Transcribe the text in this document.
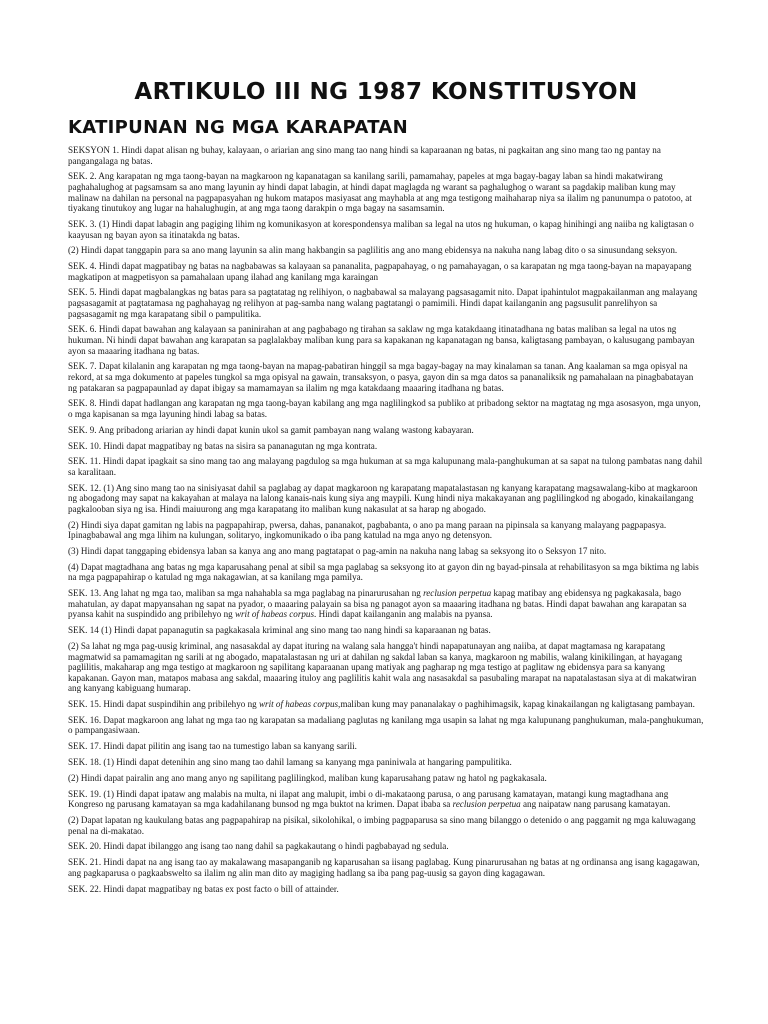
ARTIKULO III NG 1987 KONSTITUSYON
KATIPUNAN NG MGA KARAPATAN

SEKSYON 1. Hindi dapat alisan ng buhay, kalayaan, o ariarian ang sino mang tao nang hindi sa kaparaanan ng batas, ni pagkaitan ang sino mang tao ng pantay na pangangalaga ng batas.

SEK. 2. Ang karapatan ng mga taong-bayan na magkaroon ng kapanatagan sa kanilang sarili, pamamahay, papeles at mga bagay-bagay laban sa hindi makatwirang paghahalughog at pagsamsam sa ano mang layunin ay hindi dapat labagin, at hindi dapat maglagda ng warant sa paghalughog o warant sa pagdakip maliban kung may malinaw na dahilan na personal na pagpapasyahan ng hukom matapos masiyasat ang mayhabla at ang mga testigong maihaharap niya sa ilalim ng panunumpa o patotoo, at tiyakang tinutukoy ang lugar na hahalughugin, at ang mga taong darakpin o mga bagay na sasamsamin.

SEK. 3. (1) Hindi dapat labagin ang pagiging lihim ng komunikasyon at korespondensya maliban sa legal na utos ng hukuman, o kapag hinihingi ang naiiba ng kaligtasan o kaayusan ng bayan ayon sa itinatakda ng batas.

(2) Hindi dapat tanggapin para sa ano mang layunin sa alin mang hakbangin sa paglilitis ang ano mang ebidensya na nakuha nang labag dito o sa sinusundang seksyon.

SEK. 4. Hindi dapat magpatibay ng batas na nagbabawas sa kalayaan sa pananalita, pagpapahayag, o ng pamahayagan, o sa karapatan ng mga taong-bayan na mapayapang magkatipon at magpetisyon sa pamahalaan upang ilahad ang kanilang mga karaingan

SEK. 5. Hindi dapat magbalangkas ng batas para sa pagtatatag ng relihiyon, o nagbabawal sa malayang pagsasagamit nito. Dapat ipahintulot magpakailanman ang malayang pagsasagamit at pagtatamasa ng paghahayag ng relihyon at pag-samba nang walang pagtatangi o pamimili. Hindi dapat kailanganin ang pagsusulit panrelihyon sa pagsasagamit ng mga karapatang sibil o pampulitika.

SEK. 6. Hindi dapat bawahan ang kalayaan sa paninirahan at ang pagbabago ng tirahan sa saklaw ng mga katakdaang itinatadhana ng batas maliban sa legal na utos ng hukuman. Ni hindi dapat bawahan ang karapatan sa paglalakbay maliban kung para sa kapakanan ng kapanatagan ng bansa, kaligtasang pambayan, o kalusugang pambayan ayon sa maaaring itadhana ng batas.

SEK. 7. Dapat kilalanin ang karapatan ng mga taong-bayan na mapag-pabatiran hinggil sa mga bagay-bagay na may kinalaman sa tanan. Ang kaalaman sa mga opisyal na rekord, at sa mga dokumento at papeles tungkol sa mga opisyal na gawain, transaksyon, o pasya, gayon din sa mga datos sa pananaliksik ng pamahalaan na pinagbabatayan ng patakaran sa pagpapaunlad ay dapat ibigay sa mamamayan sa ilalim ng mga katakdaang maaaring itadhana ng batas.

SEK. 8. Hindi dapat hadlangan ang karapatan ng mga taong-bayan kabilang ang mga naglilingkod sa publiko at pribadong sektor na magtatag ng mga asosasyon, mga unyon, o mga kapisanan sa mga layuning hindi labag sa batas.

SEK. 9. Ang pribadong ariarian ay hindi dapat kunin ukol sa gamit pambayan nang walang wastong kabayaran.

SEK. 10. Hindi dapat magpatibay ng batas na sisira sa pananagutan ng mga kontrata.

SEK. 11. Hindi dapat ipagkait sa sino mang tao ang malayang pagdulog sa mga hukuman at sa mga kalupunang mala-panghukuman at sa sapat na tulong pambatas nang dahil sa karalitaan.

SEK. 12. (1) Ang sino mang tao na sinisiyasat dahil sa paglabag ay dapat magkaroon ng karapatang mapatalastasan ng kanyang karapatang magsawalang-kibo at magkaroon ng abogadong may sapat na kakayahan at malaya na lalong kanais-nais kung siya ang maypili. Kung hindi niya makakayanan ang paglilingkod ng abogado, kinakailangang pagkalooban siya ng isa. Hindi maiuurong ang mga karapatang ito maliban kung nakasulat at sa harap ng abogado.

(2) Hindi siya dapat gamitan ng labis na pagpapahirap, pwersa, dahas, pananakot, pagbabanta, o ano pa mang paraan na pipinsala sa kanyang malayang pagpapasya. Ipinagbabawal ang mga lihim na kulungan, solitaryo, ingkomunikado o iba pang katulad na mga anyo ng detensyon.

(3) Hindi dapat tanggaping ebidensya laban sa kanya ang ano mang pagtatapat o pag-amin na nakuha nang labag sa seksyong ito o Seksyon 17 nito.

(4) Dapat magtadhana ang batas ng mga kaparusahang penal at sibil sa mga paglabag sa seksyong ito at gayon din ng bayad-pinsala at rehabilitasyon sa mga biktima ng labis na mga pagpapahirap o katulad ng mga nakagawian, at sa kanilang mga pamilya.

SEK. 13. Ang lahat ng mga tao, maliban sa mga nahahabla sa mga paglabag na pinarurusahan ng reclusion perpetua kapag matibay ang ebidensya ng pagkakasala, bago mahatulan, ay dapat mapyansahan ng sapat na pyador, o maaaring palayain sa bisa ng panagot ayon sa maaaring itadhana ng batas. Hindi dapat bawahan ang karapatan sa pyansa kahit na suspindido ang pribilehyo ng writ of habeas corpus. Hindi dapat kailanganin ang malabis na pyansa.

SEK. 14 (1) Hindi dapat papanagutin sa pagkakasala kriminal ang sino mang tao nang hindi sa kaparaanan ng batas.

(2) Sa lahat ng mga pag-uusig kriminal, ang nasasakdal ay dapat ituring na walang sala hangga't hindi napapatunayan ang naiiba, at dapat magtamasa ng karapatang magmatwid sa pamamagitan ng sarili at ng abogado, mapatalastasan ng uri at dahilan ng sakdal laban sa kanya, magkaroon ng mabilis, walang kinikilingan, at hayagang paglilitis, makaharap ang mga testigo at magkaroon ng sapilitang kaparaanan upang matiyak ang pagharap ng mga testigo at paglitaw ng ebidensya para sa kanyang kapakanan. Gayon man, matapos mabasa ang sakdal, maaaring ituloy ang paglilitis kahit wala ang nasasakdal sa pasubaling marapat na napatalastasan siya at di makatwiran ang kanyang kabiguang humarap.

SEK. 15. Hindi dapat suspindihin ang pribilehyo ng writ of habeas corpus,maliban kung may pananalakay o paghihimagsik, kapag kinakailangan ng kaligtasang pambayan.

SEK. 16. Dapat magkaroon ang lahat ng mga tao ng karapatan sa madaliang paglutas ng kanilang mga usapin sa lahat ng mga kalupunang panghukuman, mala-panghukuman, o pampangasiwaan.

SEK. 17. Hindi dapat pilitin ang isang tao na tumestigo laban sa kanyang sarili.

SEK. 18. (1) Hindi dapat detenihin ang sino mang tao dahil lamang sa kanyang mga paniniwala at hangaring pampulitika.

(2) Hindi dapat pairalin ang ano mang anyo ng sapilitang paglilingkod, maliban kung kaparusahang pataw ng hatol ng pagkakasala.

SEK. 19. (1) Hindi dapat ipataw ang malabis na multa, ni ilapat ang malupit, imbi o di-makataong parusa, o ang parusang kamatayan, matangi kung magtadhana ang Kongreso ng parusang kamatayan sa mga kadahilanang bunsod ng mga buktot na krimen. Dapat ibaba sa reclusion perpetua ang naipataw nang parusang kamatayan.

(2) Dapat lapatan ng kaukulang batas ang pagpapahirap na pisikal, sikolohikal, o imbing pagpaparusa sa sino mang bilanggo o detenido o ang paggamit ng mga kaluwagang penal na di-makatao.

SEK. 20. Hindi dapat ibilanggo ang isang tao nang dahil sa pagkakautang o hindi pagbabayad ng sedula.

SEK. 21. Hindi dapat na ang isang tao ay makalawang masapanganib ng kaparusahan sa iisang paglabag. Kung pinarurusahan ng batas at ng ordinansa ang isang kagagawan, ang pagkaparusa o pagkaabswelto sa ilalim ng alin man dito ay magiging hadlang sa iba pang pag-uusig sa gayon ding kagagawan.

SEK. 22. Hindi dapat magpatibay ng batas ex post facto o bill of attainder.
